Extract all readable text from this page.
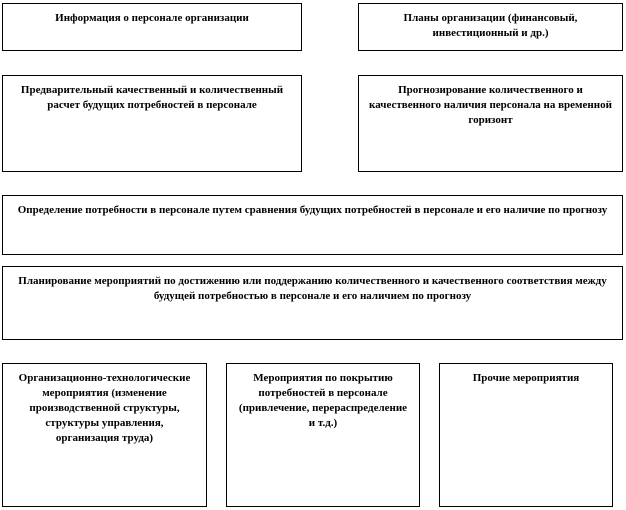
Информация о персонале организации	Планы организации (финансовый, инвестиционный и др.)
Предварительный качественный и количественный расчет будущих потребностей в персонале
Прогнозирование количественного и качественного наличия персонала на временной горизонт
Определение потребности в персонале путем сравнения будущих потребностей в персонале и его наличие по прогнозу
Планирование мероприятий по достижению или поддержанию количественного и качественного соответствия между будущей потребностью в персонале и его наличием по прогнозу
Организационно-технологические мероприятия (изменение производственной структуры, структуры управления, организация труда)
Мероприятия по покрытию потребностей в персонале (привлечение, перераспределение и т.д.)
Прочие мероприятия
